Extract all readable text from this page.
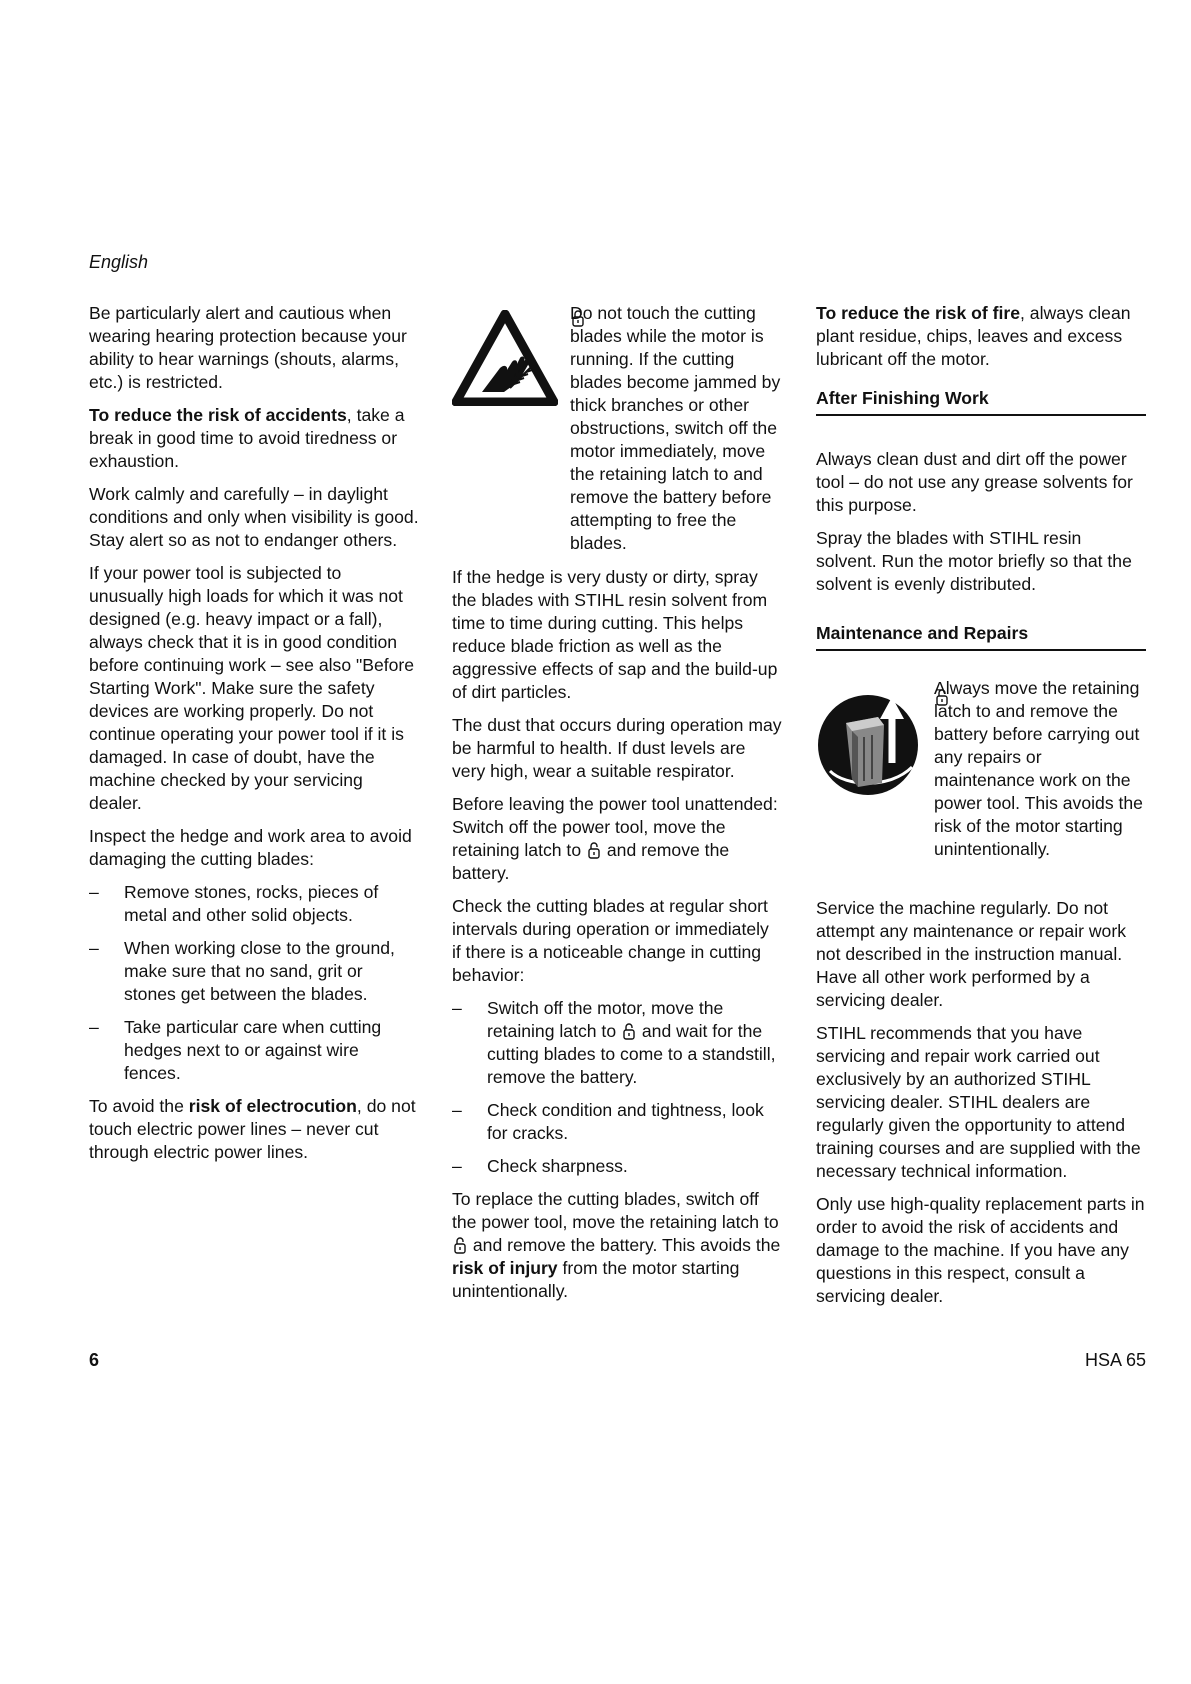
English

Be particularly alert and cautious when wearing hearing protection because your ability to hear warnings (shouts, alarms, etc.) is restricted.

To reduce the risk of accidents, take a break in good time to avoid tiredness or exhaustion.

Work calmly and carefully – in daylight conditions and only when visibility is good. Stay alert so as not to endanger others.

If your power tool is subjected to unusually high loads for which it was not designed (e.g. heavy impact or a fall), always check that it is in good condition before continuing work – see also "Before Starting Work". Make sure the safety devices are working properly. Do not continue operating your power tool if it is damaged. In case of doubt, have the machine checked by your servicing dealer.

Inspect the hedge and work area to avoid damaging the cutting blades:

–	Remove stones, rocks, pieces of metal and other solid objects.
–	When working close to the ground, make sure that no sand, grit or stones get between the blades.
–	Take particular care when cutting hedges next to or against wire fences.

To avoid the risk of electrocution, do not touch electric power lines – never cut through electric power lines.

Do not touch the cutting blades while the motor is running. If the cutting blades become jammed by thick branches or other obstructions, switch off the motor immediately, move the retaining latch to and remove the battery before attempting to free the blades.

If the hedge is very dusty or dirty, spray the blades with STIHL resin solvent from time to time during cutting. This helps reduce blade friction as well as the aggressive effects of sap and the build-up of dirt particles.

The dust that occurs during operation may be harmful to health. If dust levels are very high, wear a suitable respirator.

Before leaving the power tool unattended: Switch off the power tool, move the retaining latch to and remove the battery.

Check the cutting blades at regular short intervals during operation or immediately if there is a noticeable change in cutting behavior:

–	Switch off the motor, move the retaining latch to and wait for the cutting blades to come to a standstill, remove the battery.
–	Check condition and tightness, look for cracks.
–	Check sharpness.

To replace the cutting blades, switch off the power tool, move the retaining latch to  and remove the battery. This avoids the risk of injury from the motor starting unintentionally.

To reduce the risk of fire, always clean plant residue, chips, leaves and excess lubricant off the motor.

After Finishing Work

Always clean dust and dirt off the power tool – do not use any grease solvents for this purpose.

Spray the blades with STIHL resin solvent. Run the motor briefly so that the solvent is evenly distributed.

Maintenance and Repairs
Always move the retaining latch to and remove the battery before carrying out any repairs or maintenance work on the power tool. This avoids the risk of the motor starting unintentionally.

Service the machine regularly. Do not attempt any maintenance or repair work not described in the instruction manual. Have all other work performed by a servicing dealer.

STIHL recommends that you have servicing and repair work carried out exclusively by an authorized STIHL servicing dealer. STIHL dealers are regularly given the opportunity to attend training courses and are supplied with the necessary technical information.

Only use high-quality replacement parts in order to avoid the risk of accidents and damage to the machine. If you have any questions in this respect, consult a servicing dealer.

6	HSA 65
